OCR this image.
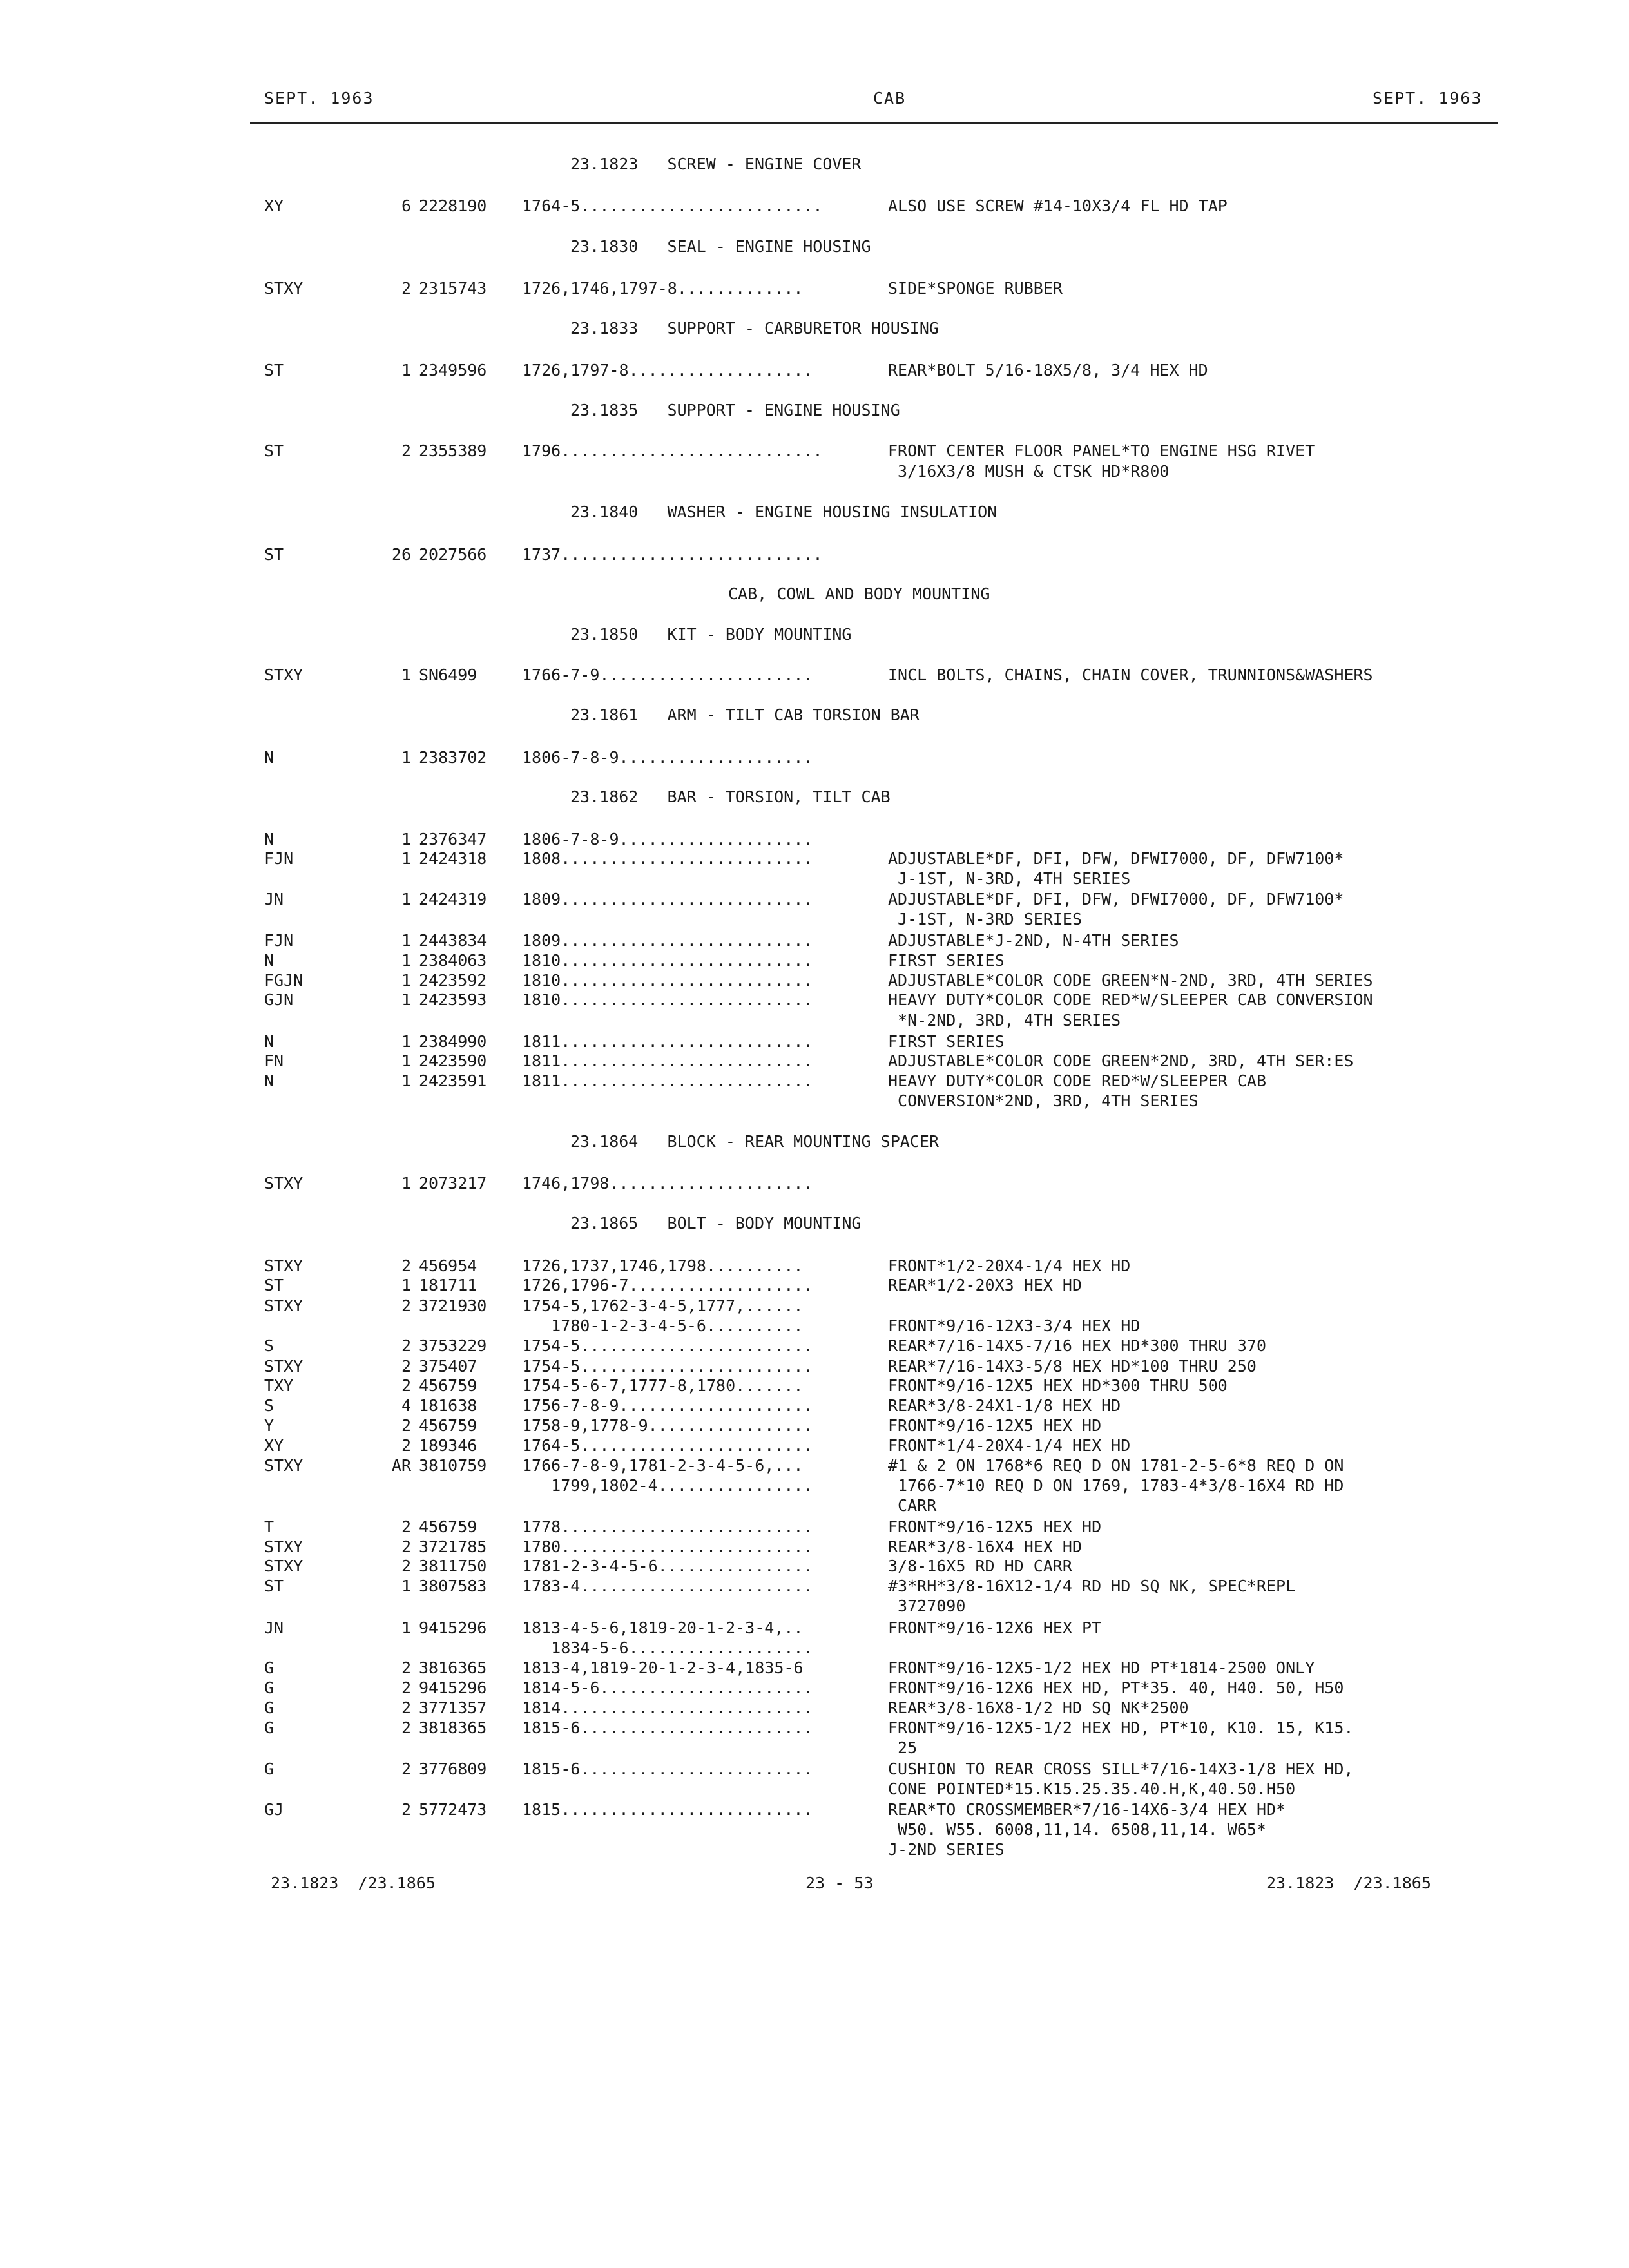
SEPT. 1963	CAB	SEPT. 1963
23.1823   SCREW - ENGINE COVER
XY	6 2228190 1764-5.........................	ALSO USE SCREW #14-10X3/4 FL HD TAP
23.1830   SEAL - ENGINE HOUSING
STXY	2 2315743 1726,1746,1797-8.............	SIDE*SPONGE RUBBER
23.1833   SUPPORT - CARBURETOR HOUSING
ST	1 2349596 1726,1797-8...................	REAR*BOLT 5/16-18X5/8, 3/4 HEX HD
23.1835   SUPPORT - ENGINE HOUSING
ST	2 2355389 1796...........................	FRONT CENTER FLOOR PANEL*TO ENGINE HSG RIVET
3/16X3/8 MUSH & CTSK HD*R800
23.1840   WASHER - ENGINE HOUSING INSULATION
ST	26 2027566 1737...........................
CAB, COWL AND BODY MOUNTING
23.1850   KIT - BODY MOUNTING
STXY	1 SN6499	1766-7-9......................	INCL BOLTS, CHAINS, CHAIN COVER, TRUNNIONS&WASHERS
23.1861   ARM - TILT CAB TORSION BAR
N	1 2383702 1806-7-8-9....................
23.1862   BAR - TORSION, TILT CAB
N	1 2376347 1806-7-8-9....................
FJN	1 2424318 1808..........................	ADJUSTABLE*DF, DFI, DFW, DFWI7000, DF, DFW7100*
J-1ST, N-3RD, 4TH SERIES
JN	1 2424319 1809..........................	ADJUSTABLE*DF, DFI, DFW, DFWI7000, DF, DFW7100*
J-1ST, N-3RD SERIES
FJN	1 2443834 1809..........................	ADJUSTABLE*J-2ND, N-4TH SERIES
N	1 2384063 1810..........................	FIRST SERIES
FGJN	1 2423592 1810..........................	ADJUSTABLE*COLOR CODE GREEN*N-2ND, 3RD, 4TH SERIES
GJN	1 2423593 1810..........................	HEAVY DUTY*COLOR CODE RED*W/SLEEPER CAB CONVERSION
*N-2ND, 3RD, 4TH SERIES
N	1 2384990 1811..........................	FIRST SERIES
FN	1 2423590 1811..........................	ADJUSTABLE*COLOR CODE GREEN*2ND, 3RD, 4TH SER:ES
N	1 2423591 1811..........................	HEAVY DUTY*COLOR CODE RED*W/SLEEPER CAB
CONVERSION*2ND, 3RD, 4TH SERIES
23.1864   BLOCK - REAR MOUNTING SPACER
STXY	1 2073217 1746,1798.....................
23.1865   BOLT - BODY MOUNTING
STXY	2 456954	1726,1737,1746,1798..........	FRONT*1/2-20X4-1/4 HEX HD
ST	1 181711	1726,1796-7...................	REAR*1/2-20X3 HEX HD
STXY	2 3721930 1754-5,1762-3-4-5,1777,......
1780-1-2-3-4-5-6..........	FRONT*9/16-12X3-3/4 HEX HD
S	2 3753229 1754-5........................	REAR*7/16-14X5-7/16 HEX HD*300 THRU 370
STXY	2 375407	1754-5........................	REAR*7/16-14X3-5/8 HEX HD*100 THRU 250
TXY	2 456759	1754-5-6-7,1777-8,1780.......	FRONT*9/16-12X5 HEX HD*300 THRU 500
S	4 181638	1756-7-8-9....................	REAR*3/8-24X1-1/8 HEX HD
Y	2 456759	1758-9,1778-9.................	FRONT*9/16-12X5 HEX HD
XY	2 189346	1764-5........................	FRONT*1/4-20X4-1/4 HEX HD
STXY	AR 3810759 1766-7-8-9,1781-2-3-4-5-6,...	#1 & 2 ON 1768*6 REQ D ON 1781-2-5-6*8 REQ D ON
1799,1802-4................	1766-7*10 REQ D ON 1769, 1783-4*3/8-16X4 RD HD
CARR
T	2 456759	1778..........................	FRONT*9/16-12X5 HEX HD
STXY	2 3721785 1780..........................	REAR*3/8-16X4 HEX HD
STXY	2 3811750 1781-2-3-4-5-6................	3/8-16X5 RD HD CARR
ST	1 3807583 1783-4........................	#3*RH*3/8-16X12-1/4 RD HD SQ NK, SPEC*REPL
3727090
JN	1 9415296 1813-4-5-6,1819-20-1-2-3-4,..	FRONT*9/16-12X6 HEX PT
1834-5-6...................
G	2 3816365 1813-4,1819-20-1-2-3-4,1835-6	FRONT*9/16-12X5-1/2 HEX HD PT*1814-2500 ONLY
G	2 9415296 1814-5-6......................	FRONT*9/16-12X6 HEX HD, PT*35. 40, H40. 50, H50
G	2 3771357 1814..........................	REAR*3/8-16X8-1/2 HD SQ NK*2500
G	2 3818365 1815-6........................	FRONT*9/16-12X5-1/2 HEX HD, PT*10, K10. 15, K15.
25
G	2 3776809 1815-6........................	CUSHION TO REAR CROSS SILL*7/16-14X3-1/8 HEX HD,
CONE POINTED*15.K15.25.35.40.H,K,40.50.H50
GJ	2 5772473 1815..........................	REAR*TO CROSSMEMBER*7/16-14X6-3/4 HEX HD*
W50. W55. 6008,11,14. 6508,11,14. W65*
J-2ND SERIES
23.1823  /23.1865	23 - 53	23.1823  /23.1865
